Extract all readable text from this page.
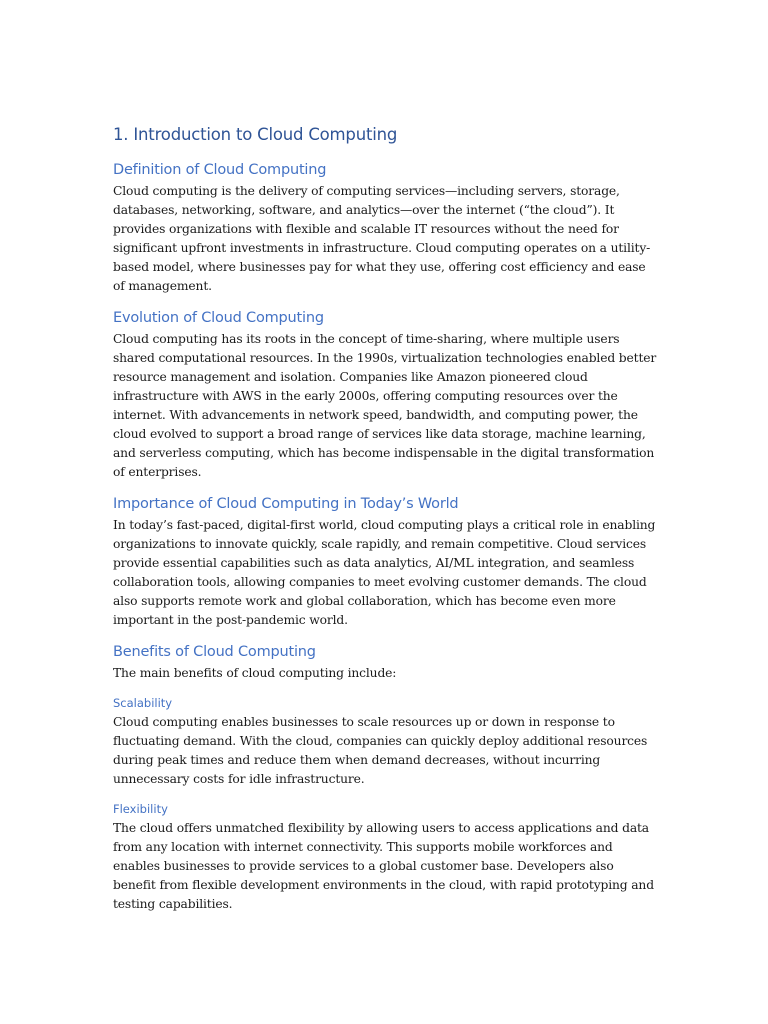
1. Introduction to Cloud Computing
Definition of Cloud Computing

Cloud computing is the delivery of computing services—including servers, storage, databases, networking, software, and analytics—over the internet (“the cloud”). It provides organizations with flexible and scalable IT resources without the need for significant upfront investments in infrastructure. Cloud computing operates on a utility-based model, where businesses pay for what they use, offering cost efficiency and ease of management.

Evolution of Cloud Computing

Cloud computing has its roots in the concept of time-sharing, where multiple users shared computational resources. In the 1990s, virtualization technologies enabled better resource management and isolation. Companies like Amazon pioneered cloud infrastructure with AWS in the early 2000s, offering computing resources over the internet. With advancements in network speed, bandwidth, and computing power, the cloud evolved to support a broad range of services like data storage, machine learning, and serverless computing, which has become indispensable in the digital transformation of enterprises.

Importance of Cloud Computing in Today’s World

In today’s fast-paced, digital-first world, cloud computing plays a critical role in enabling organizations to innovate quickly, scale rapidly, and remain competitive. Cloud services provide essential capabilities such as data analytics, AI/ML integration, and seamless collaboration tools, allowing companies to meet evolving customer demands. The cloud also supports remote work and global collaboration, which has become even more important in the post-pandemic world.

Benefits of Cloud Computing

The main benefits of cloud computing include:

Scalability

Cloud computing enables businesses to scale resources up or down in response to fluctuating demand. With the cloud, companies can quickly deploy additional resources during peak times and reduce them when demand decreases, without incurring unnecessary costs for idle infrastructure.

Flexibility

The cloud offers unmatched flexibility by allowing users to access applications and data from any location with internet connectivity. This supports mobile workforces and enables businesses to provide services to a global customer base. Developers also benefit from flexible development environments in the cloud, with rapid prototyping and testing capabilities.
